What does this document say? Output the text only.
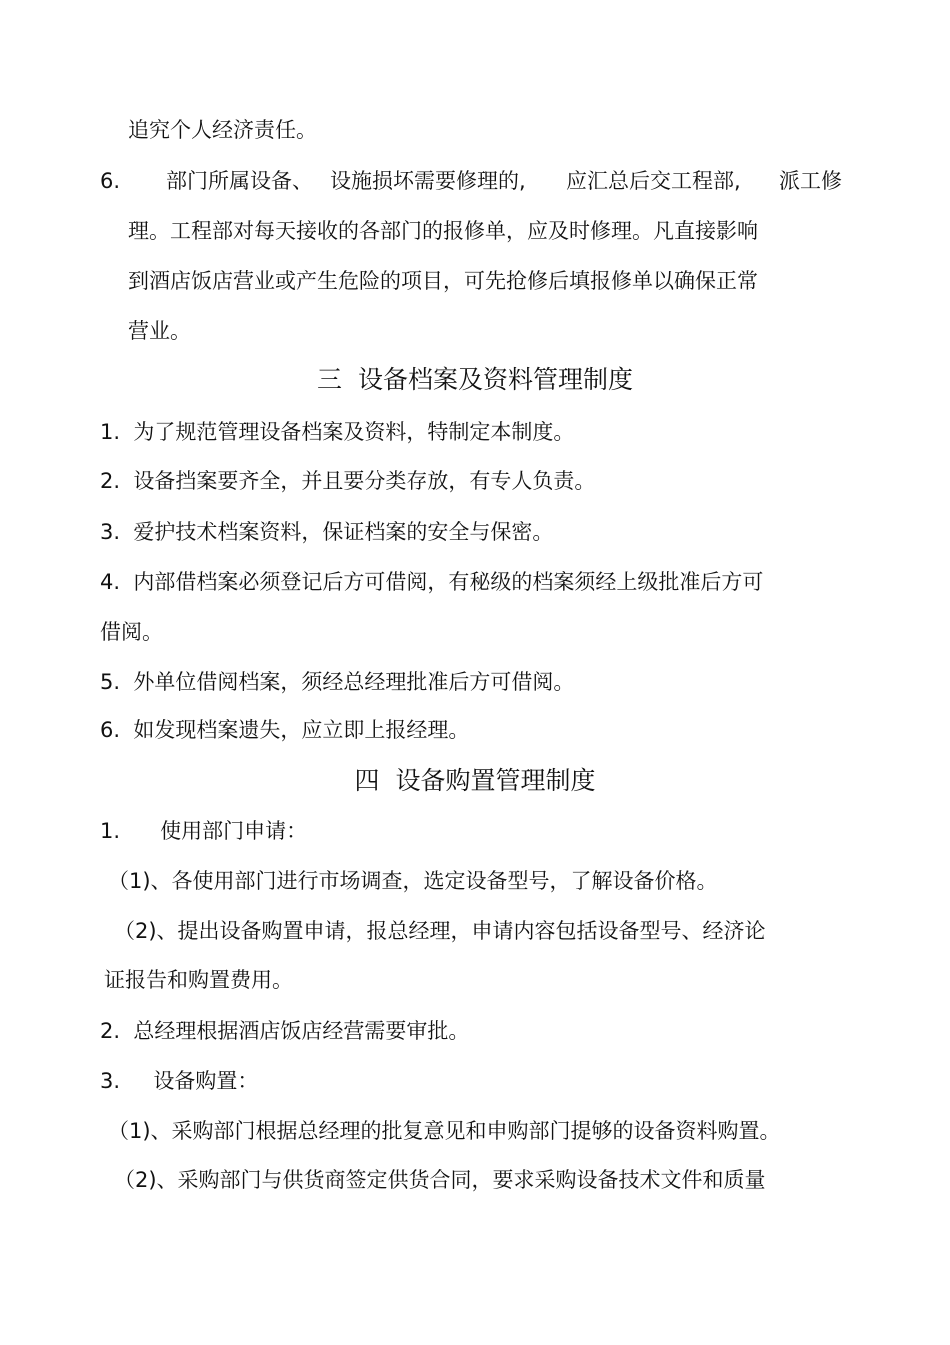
追究个人经济责任。
6. 部门所属设备、 设施损坏需要修理的, 应汇总后交工程部, 派工修
理。工程部对每天接收的各部门的报修单，应及时修理。凡直接影响
到酒店饭店营业或产生危险的项目，可先抢修后填报修单以确保正常
营业。
三  设备档案及资料管理制度
1.  为了规范管理设备档案及资料，特制定本制度。
2.  设备挡案要齐全，并且要分类存放，有专人负责。
3.  爱护技术档案资料，保证档案的安全与保密。
4.  内部借档案必须登记后方可借阅，有秘级的档案须经上级批准后方可
借阅。
5.  外单位借阅档案，须经总经理批准后方可借阅。
6.  如发现档案遗失，应立即上报经理。
四  设备购置管理制度
1.      使用部门申请：
（1)、各使用部门进行市场调查，选定设备型号，了解设备价格。
（2)、提出设备购置申请，报总经理，申请内容包括设备型号、经济论
证报告和购置费用。
2.  总经理根据酒店饭店经营需要审批。
3.     设备购置：
（1)、采购部门根据总经理的批复意见和申购部门提够的设备资料购置。
（2)、采购部门与供货商签定供货合同，要求采购设备技术文件和质量
